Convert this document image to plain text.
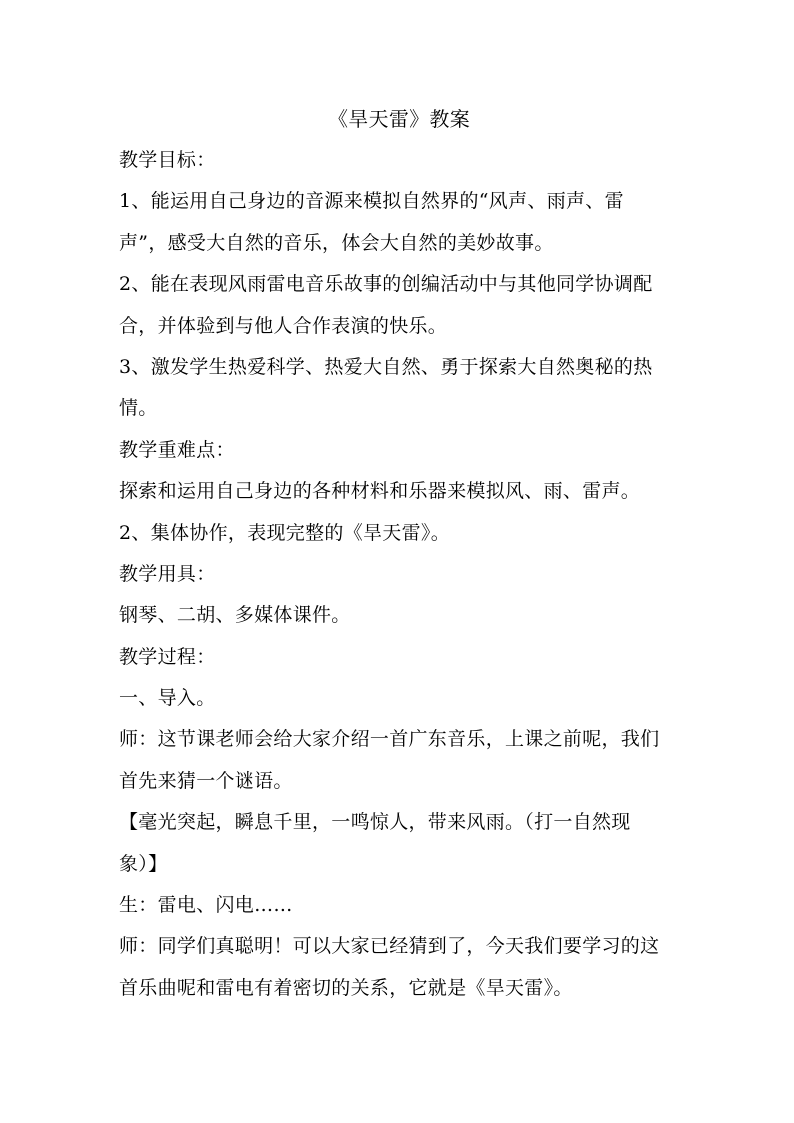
《旱天雷》教案

教学目标：

1、能运用自己身边的音源来模拟自然界的“风声、雨声、雷

声”，感受大自然的音乐，体会大自然的美妙故事。

2、能在表现风雨雷电音乐故事的创编活动中与其他同学协调配

合，并体验到与他人合作表演的快乐。

3、激发学生热爱科学、热爱大自然、勇于探索大自然奥秘的热

情。

教学重难点：

探索和运用自己身边的各种材料和乐器来模拟风、雨、雷声。

2、集体协作，表现完整的《旱天雷》。

教学用具：

钢琴、二胡、多媒体课件。

教学过程：

一、导入。

师：这节课老师会给大家介绍一首广东音乐，上课之前呢，我们

首先来猜一个谜语。

【毫光突起，瞬息千里，一鸣惊人，带来风雨。（打一自然现

象）】

生：雷电、闪电……

师：同学们真聪明！可以大家已经猜到了，今天我们要学习的这

首乐曲呢和雷电有着密切的关系，它就是《旱天雷》。
